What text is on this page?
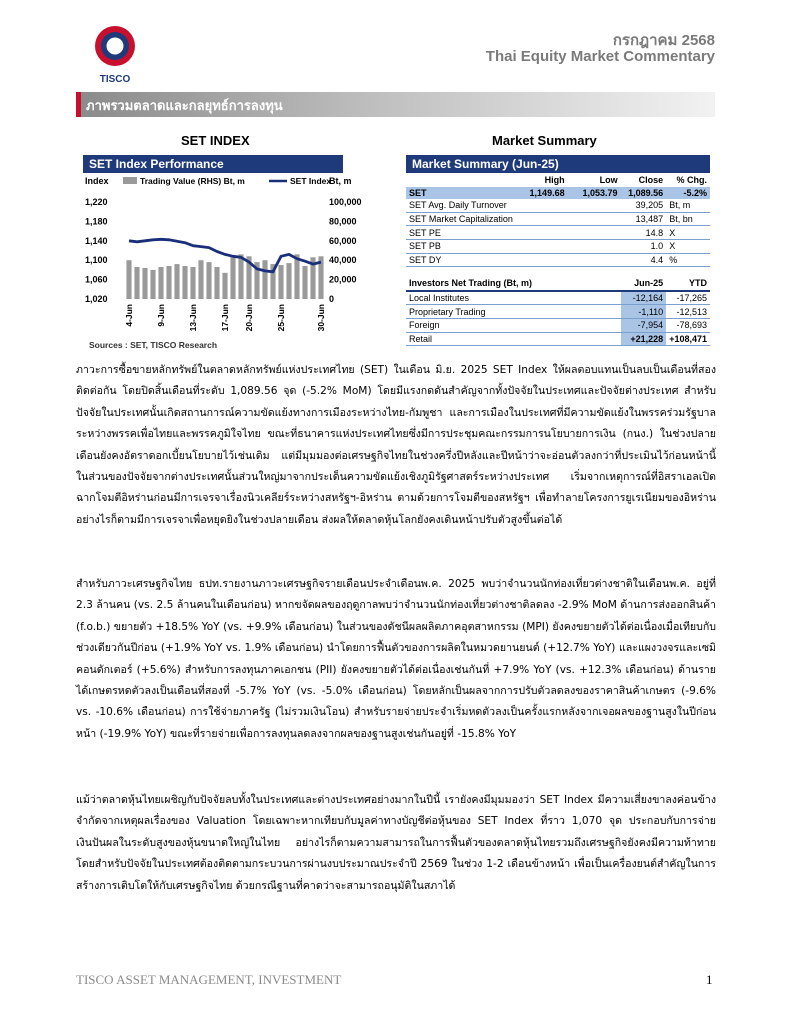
TISCO
กรกฎาคม 2568
Thai Equity Market Commentary
ภาพรวมตลาดและกลยุทธ์การลงทุน
SET INDEX
SET Index Performance
Index	Bt, m
Trading Value (RHS) Bt, m	SET Index
1,220
1,180
1,140
1,100
1,060
1,020
100,000
80,000
60,000
40,000
20,000
0
4-Jun	9-Jun	13-Jun	17-Jun 20-Jun	25-Jun	30-Jun
Sources : SET, TISCO Research
Market Summary
Market Summary (Jun-25)
	High	Low	Close	% Chg.
SET	1,149.68	1,053.79	1,089.56	-5.2%
SET Avg. Daily Turnover		39,205		Bt, m
SET Market Capitalization		13,487		Bt, bn
SET PE		14.8		X
SET PB		1.0		X
SET DY		4.4		%

Investors Net Trading (Bt, m)			Jun-25	YTD
Local Institutes			-12,164	-17,265
Proprietary Trading			-1,110	-12,513
Foreign			-7,954	-78,693
Retail			+21,228	+108,471
ภาวะการซื้อขายหลักทรัพย์ในตลาดหลักทรัพย์แห่งประเทศไทย (SET) ในเดือน มิ.ย. 2025 SET Index ให้ผลตอบแทนเป็นลบเป็นเดือนที่สองติดต่อกัน โดยปิดสิ้นเดือนที่ระดับ 1,089.56 จุด (-5.2% MoM) โดยมีแรงกดดันสำคัญจากทั้งปัจจัยในประเทศและปัจจัยต่างประเทศ สำหรับปัจจัยในประเทศนั้นเกิดสถานการณ์ความขัดแย้งทางการเมืองระหว่างไทย-กัมพูชา และการเมืองในประเทศที่มีความขัดแย้งในพรรคร่วมรัฐบาลระหว่างพรรคเพื่อไทยและพรรคภูมิใจไทย ขณะที่ธนาคารแห่งประเทศไทยซึ่งมีการประชุมคณะกรรมการนโยบายการเงิน (กนง.) ในช่วงปลายเดือนยังคงอัตราดอกเบี้ยนโยบายไว้เช่นเดิม แต่มีมุมมองต่อเศรษฐกิจไทยในช่วงครึ่งปีหลังและปีหน้าว่าจะอ่อนตัวลงกว่าที่ประเมินไว้ก่อนหน้านี้ ในส่วนของปัจจัยจากต่างประเทศนั้นส่วนใหญ่มาจากประเด็นความขัดแย้งเชิงภูมิรัฐศาสตร์ระหว่างประเทศ เริ่มจากเหตุการณ์ที่อิสราเอลเปิดฉากโจมตีอิหร่านก่อนมีการเจรจาเรื่องนิวเคลียร์ระหว่างสหรัฐฯ-อิหร่าน ตามด้วยการโจมตีของสหรัฐฯ เพื่อทำลายโครงการยูเรเนียมของอิหร่าน อย่างไรก็ตามมีการเจรจาเพื่อหยุดยิงในช่วงปลายเดือน ส่งผลให้ตลาดหุ้นโลกยังคงเดินหน้าปรับตัวสูงขึ้นต่อได้
สำหรับภาวะเศรษฐกิจไทย ธปท.รายงานภาวะเศรษฐกิจรายเดือนประจำเดือนพ.ค. 2025 พบว่าจำนวนนักท่องเที่ยวต่างชาติในเดือนพ.ค. อยู่ที่ 2.3 ล้านคน (vs. 2.5 ล้านคนในเดือนก่อน) หากขจัดผลของฤดูกาลพบว่าจำนวนนักท่องเที่ยวต่างชาติลดลง -2.9% MoM ด้านการส่งออกสินค้า (f.o.b.) ขยายตัว +18.5% YoY (vs. +9.9% เดือนก่อน) ในส่วนของดัชนีผลผลิตภาคอุตสาหกรรม (MPI) ยังคงขยายตัวได้ต่อเนื่องเมื่อเทียบกับช่วงเดียวกันปีก่อน (+1.9% YoY vs. 1.9% เดือนก่อน) นำโดยการฟื้นตัวของการผลิตในหมวดยานยนต์ (+12.7% YoY) และแผงวงจรและเซมิคอนดักเตอร์ (+5.6%) สำหรับการลงทุนภาคเอกชน (PII) ยังคงขยายตัวได้ต่อเนื่องเช่นกันที่ +7.9% YoY (vs. +12.3% เดือนก่อน) ด้านรายได้เกษตรหดตัวลงเป็นเดือนที่สองที่ -5.7% YoY (vs. -5.0% เดือนก่อน) โดยหลักเป็นผลจากการปรับตัวลดลงของราคาสินค้าเกษตร (-9.6% vs. -10.6% เดือนก่อน) การใช้จ่ายภาครัฐ (ไม่รวมเงินโอน) สำหรับรายจ่ายประจำเริ่มหดตัวลงเป็นครั้งแรกหลังจากเจอผลของฐานสูงในปีก่อนหน้า (-19.9% YoY) ขณะที่รายจ่ายเพื่อการลงทุนลดลงจากผลของฐานสูงเช่นกันอยู่ที่ -15.8% YoY
แม้ว่าตลาดหุ้นไทยเผชิญกับปัจจัยลบทั้งในประเทศและต่างประเทศอย่างมากในปีนี้ เรายังคงมีมุมมองว่า SET Index มีความเสี่ยงขาลงค่อนข้างจำกัดจากเหตุผลเรื่องของ Valuation โดยเฉพาะหากเทียบกับมูลค่าทางบัญชีต่อหุ้นของ SET Index ที่ราว 1,070 จุด ประกอบกับการจ่ายเงินปันผลในระดับสูงของหุ้นขนาดใหญ่ในไทย อย่างไรก็ตามความสามารถในการฟื้นตัวของตลาดหุ้นไทยรวมถึงเศรษฐกิจยังคงมีความท้าทาย โดยสำหรับปัจจัยในประเทศต้องติดตามกระบวนการผ่านงบประมาณประจำปี 2569 ในช่วง 1-2 เดือนข้างหน้า เพื่อเป็นเครื่องยนต์สำคัญในการสร้างการเติบโตให้กับเศรษฐกิจไทย ด้วยกรณีฐานที่คาดว่าจะสามารถอนุมัติในสภาได้
TISCO ASSET MANAGEMENT, INVESTMENT	1
